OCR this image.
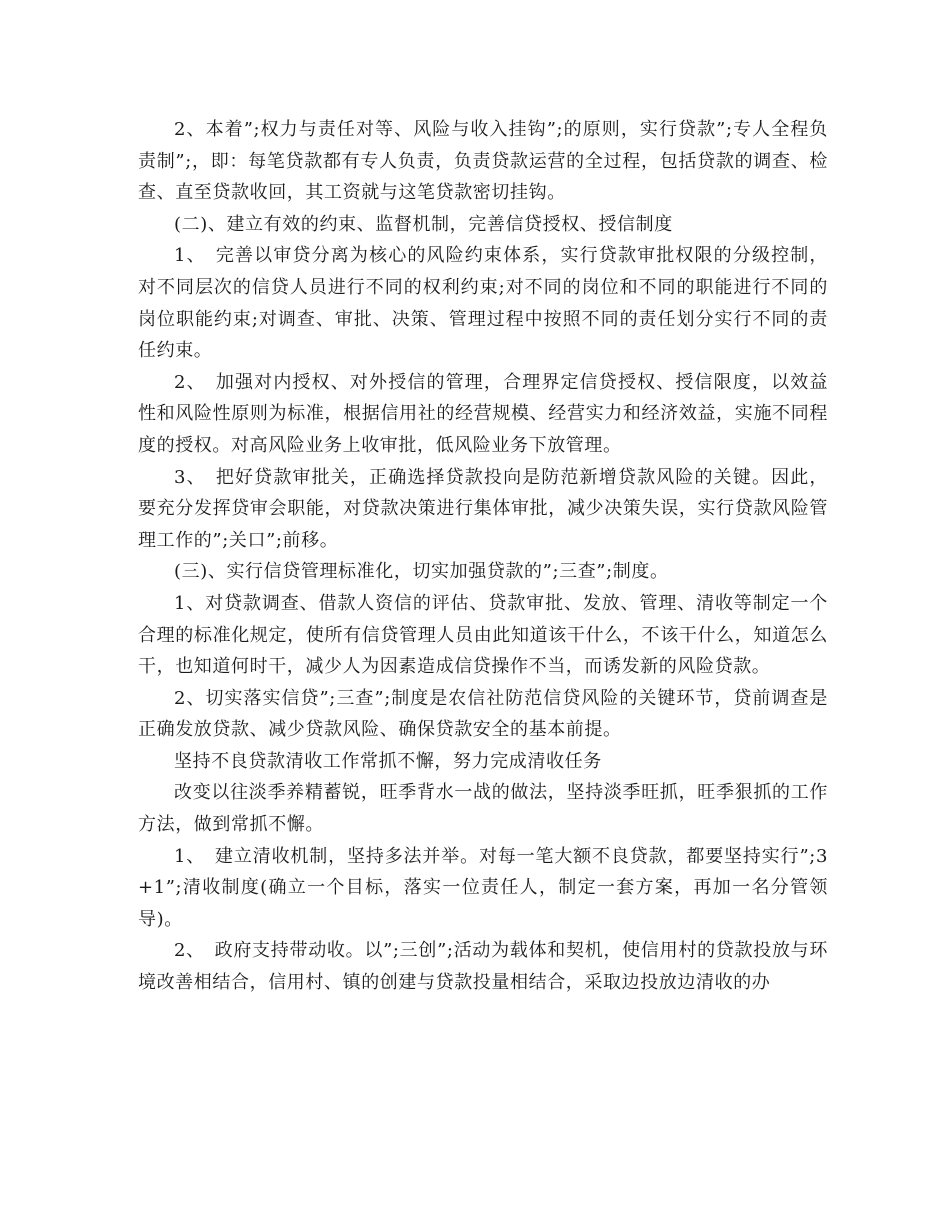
2、本着”;权力与责任对等、风险与收入挂钩”;的原则，实行贷款”;专人全程负责制”;，即：每笔贷款都有专人负责，负责贷款运营的全过程，包括贷款的调查、检查、直至贷款收回，其工资就与这笔贷款密切挂钩。

(二)、建立有效的约束、监督机制，完善信贷授权、授信制度

1、　完善以审贷分离为核心的风险约束体系，实行贷款审批权限的分级控制，对不同层次的信贷人员进行不同的权利约束;对不同的岗位和不同的职能进行不同的岗位职能约束;对调查、审批、决策、管理过程中按照不同的责任划分实行不同的责任约束。

2、　加强对内授权、对外授信的管理，合理界定信贷授权、授信限度，以效益性和风险性原则为标准，根据信用社的经营规模、经营实力和经济效益，实施不同程度的授权。对高风险业务上收审批，低风险业务下放管理。

3、　把好贷款审批关，正确选择贷款投向是防范新增贷款风险的关键。因此，要充分发挥贷审会职能，对贷款决策进行集体审批，减少决策失误，实行贷款风险管理工作的”;关口”;前移。

(三)、实行信贷管理标准化，切实加强贷款的”;三查”;制度。

1、对贷款调查、借款人资信的评估、贷款审批、发放、管理、清收等制定一个合理的标准化规定，使所有信贷管理人员由此知道该干什么，不该干什么，知道怎么干，也知道何时干，减少人为因素造成信贷操作不当，而诱发新的风险贷款。

2、切实落实信贷”;三查”;制度是农信社防范信贷风险的关键环节，贷前调查是正确发放贷款、减少贷款风险、确保贷款安全的基本前提。

坚持不良贷款清收工作常抓不懈，努力完成清收任务

改变以往淡季养精蓄锐，旺季背水一战的做法，坚持淡季旺抓，旺季狠抓的工作方法，做到常抓不懈。

1、　建立清收机制，坚持多法并举。对每一笔大额不良贷款，都要坚持实行”;3+1”;清收制度(确立一个目标，落实一位责任人，制定一套方案，再加一名分管领导)。

2、　政府支持带动收。以”;三创”;活动为载体和契机，使信用村的贷款投放与环境改善相结合，信用村、镇的创建与贷款投量相结合，采取边投放边清收的办
